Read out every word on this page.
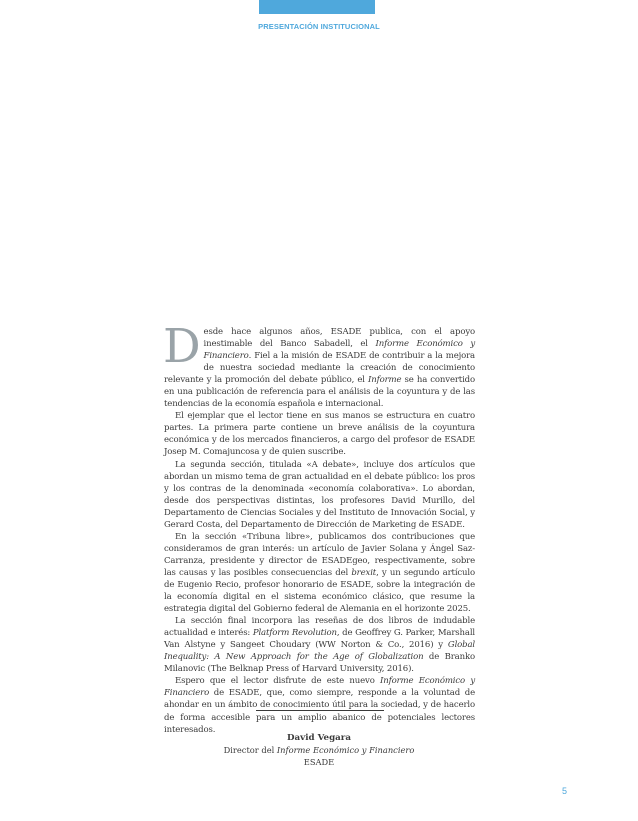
PRESENTACIÓN INSTITUCIONAL

Desde hace algunos años, ESADE publica, con el apoyo inestimable del Banco Sabadell, el Informe Económico y Financiero. Fiel a la misión de ESADE de contribuir a la mejora de nuestra sociedad mediante la creación de conocimiento relevante y la promoción del debate público, el Informe se ha convertido en una publicación de referencia para el análisis de la coyuntura y de las tendencias de la economía española e internacional.

El ejemplar que el lector tiene en sus manos se estructura en cuatro partes. La primera parte contiene un breve análisis de la coyuntura económica y de los mercados financieros, a cargo del profesor de ESADE Josep M. Comajuncosa y de quien suscribe.

La segunda sección, titulada «A debate», incluye dos artículos que abordan un mismo tema de gran actualidad en el debate público: los pros y los contras de la denominada «economía colaborativa». Lo abordan, desde dos perspectivas distintas, los profesores David Murillo, del Departamento de Ciencias Sociales y del Instituto de Innovación Social, y Gerard Costa, del Departamento de Dirección de Marketing de ESADE.

En la sección «Tribuna libre», publicamos dos contribuciones que consideramos de gran interés: un artículo de Javier Solana y Ángel Saz-Carranza, presidente y director de ESADEgeo, respectivamente, sobre las causas y las posibles consecuencias del brexit, y un segundo artículo de Eugenio Recio, profesor honorario de ESADE, sobre la integración de la economía digital en el sistema económico clásico, que resume la estrategia digital del Gobierno federal de Alemania en el horizonte 2025.

La sección final incorpora las reseñas de dos libros de indudable actualidad e interés: Platform Revolution, de Geoffrey G. Parker, Marshall Van Alstyne y Sangeet Choudary (WW Norton & Co., 2016) y Global Inequality: A New Approach for the Age of Globalization de Branko Milanovic (The Belknap Press of Harvard University, 2016).

Espero que el lector disfrute de este nuevo Informe Económico y Financiero de ESADE, que, como siempre, responde a la voluntad de ahondar en un ámbito de conocimiento útil para la sociedad, y de hacerlo de forma accesible para un amplio abanico de potenciales lectores interesados.

David Vegara
Director del Informe Económico y Financiero
ESADE
5
